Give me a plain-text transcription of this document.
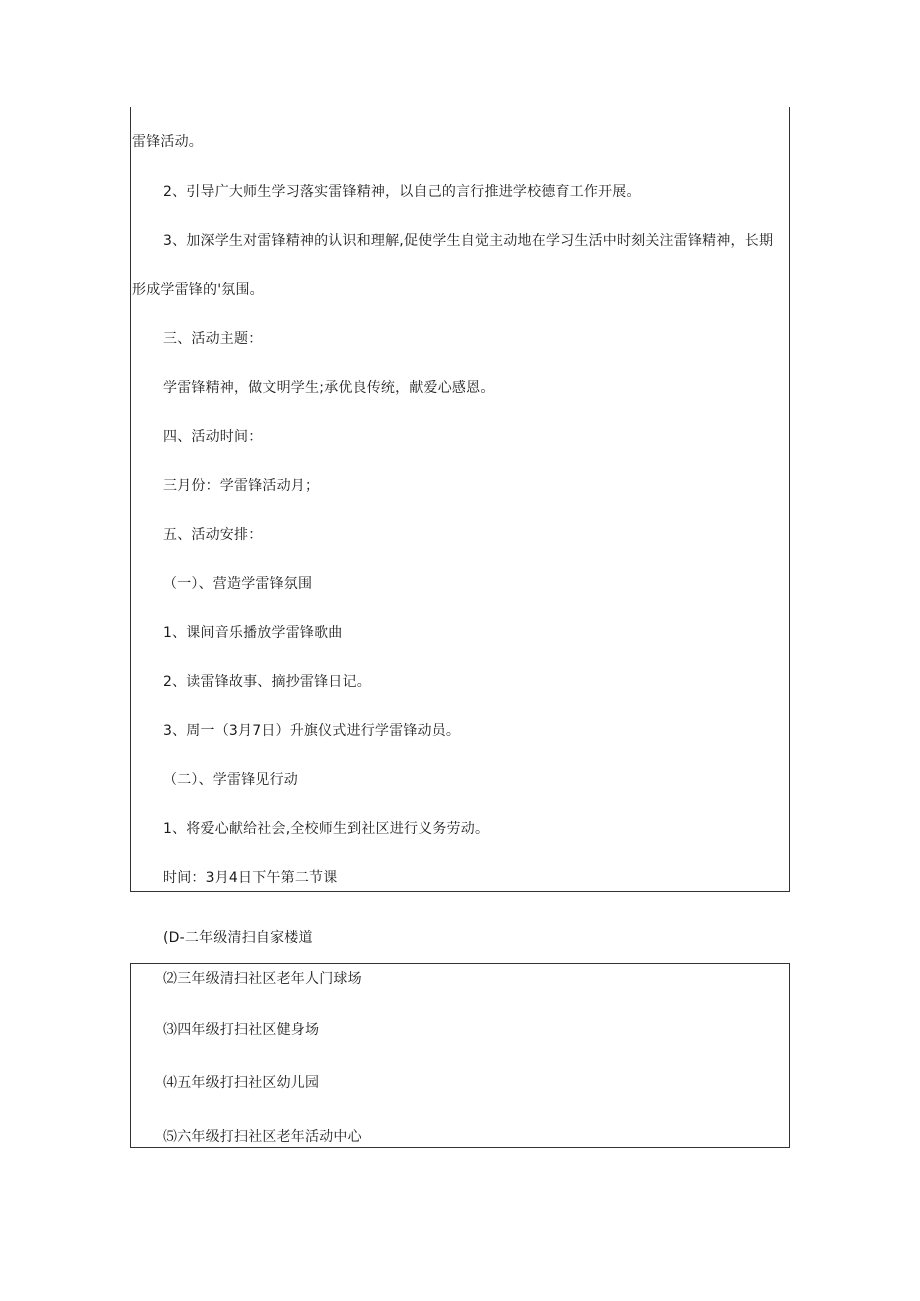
雷锋活动。
2、引导广大师生学习落实雷锋精神，以自己的言行推进学校德育工作开展。
3、加深学生对雷锋精神的认识和理解,促使学生自觉主动地在学习生活中时刻关注雷锋精神，长期
形成学雷锋的'氛围。
三、活动主题：
学雷锋精神，做文明学生;承优良传统，献爱心感恩。
四、活动时间：
三月份：学雷锋活动月；
五、活动安排：
（一）、营造学雷锋氛围
1、课间音乐播放学雷锋歌曲
2、读雷锋故事、摘抄雷锋日记。
3、周一（3月7日）升旗仪式进行学雷锋动员。
（二）、学雷锋见行动
1、将爱心献给社会,全校师生到社区进行义务劳动。
时间：3月4日下午第二节课
(D-二年级清扫自家楼道
⑵三年级清扫社区老年人门球场
⑶四年级打扫社区健身场
⑷五年级打扫社区幼儿园
⑸六年级打扫社区老年活动中心
